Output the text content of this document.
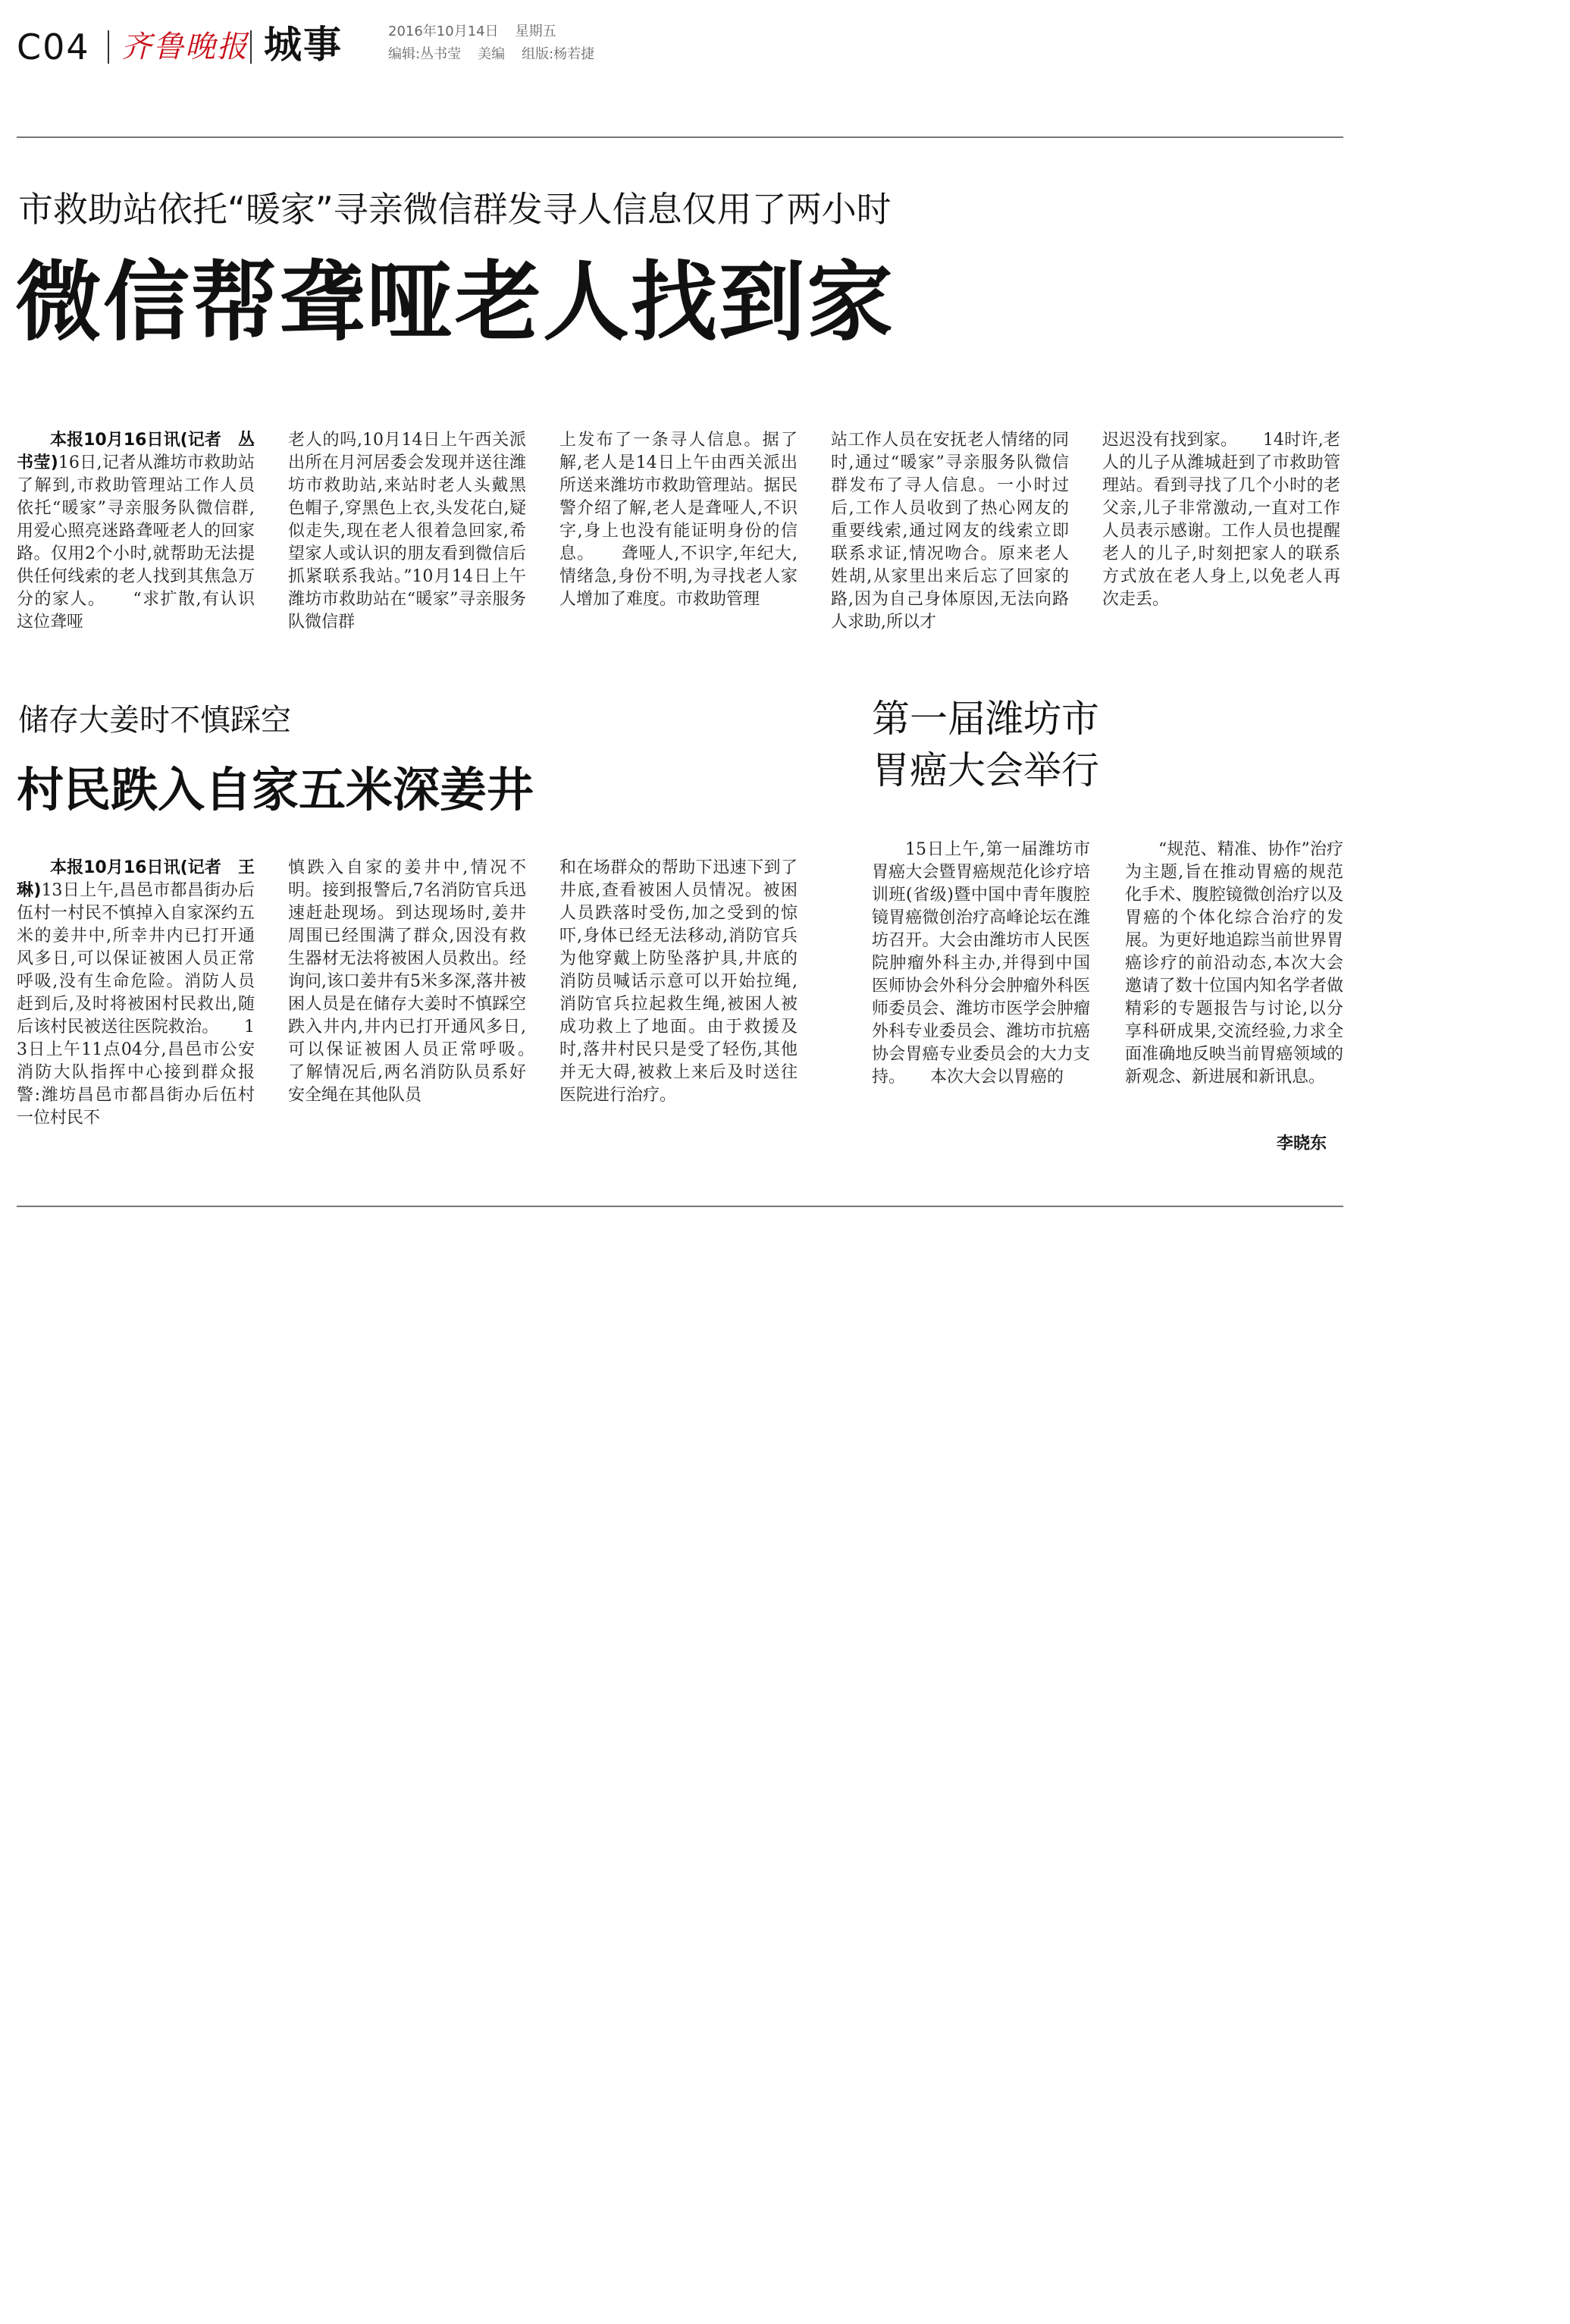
C04 齐鲁晚报 城事	2016年10月14日 星期五
编辑:丛书莹 美编 组版:杨若捷
市救助站依托“暖家”寻亲微信群发寻人信息仅用了两小时
微信帮聋哑老人找到家

本报10月16日讯(记者　丛书莹)16日,记者从潍坊市救助站了解到,市救助管理站工作人员依托“暖家”寻亲服务队微信群,用爱心照亮迷路聋哑老人的回家路。仅用2个小时,就帮助无法提供任何线索的老人找到其焦急万分的家人。　　“求扩散,有认识这位聋哑

老人的吗,10月14日上午西关派出所在月河居委会发现并送往潍坊市救助站,来站时老人头戴黑色帽子,穿黑色上衣,头发花白,疑似走失,现在老人很着急回家,希望家人或认识的朋友看到微信后抓紧联系我站。”10月14日上午潍坊市救助站在“暖家”寻亲服务队微信群

上发布了一条寻人信息。据了解,老人是14日上午由西关派出所送来潍坊市救助管理站。据民警介绍了解,老人是聋哑人,不识字,身上也没有能证明身份的信息。　　聋哑人,不识字,年纪大,情绪急,身份不明,为寻找老人家人增加了难度。市救助管理

站工作人员在安抚老人情绪的同时,通过“暖家”寻亲服务队微信群发布了寻人信息。一小时过后,工作人员收到了热心网友的重要线索,通过网友的线索立即联系求证,情况吻合。原来老人姓胡,从家里出来后忘了回家的路,因为自己身体原因,无法向路人求助,所以才

迟迟没有找到家。　　14时许,老人的儿子从潍城赶到了市救助管理站。看到寻找了几个小时的老父亲,儿子非常激动,一直对工作人员表示感谢。工作人员也提醒老人的儿子,时刻把家人的联系方式放在老人身上,以免老人再次走丢。

储存大姜时不慎踩空
村民跌入自家五米深姜井

本报10月16日讯(记者　王琳)13日上午,昌邑市都昌街办后伍村一村民不慎掉入自家深约五米的姜井中,所幸井内已打开通风多日,可以保证被困人员正常呼吸,没有生命危险。消防人员赶到后,及时将被困村民救出,随后该村民被送往医院救治。　　13日上午11点04分,昌邑市公安消防大队指挥中心接到群众报警:潍坊昌邑市都昌街办后伍村一位村民不

慎跌入自家的姜井中,情况不明。接到报警后,7名消防官兵迅速赶赴现场。到达现场时,姜井周围已经围满了群众,因没有救生器材无法将被困人员救出。经询问,该口姜井有5米多深,落井被困人员是在储存大姜时不慎踩空跌入井内,井内已打开通风多日,可以保证被困人员正常呼吸。　　了解情况后,两名消防队员系好安全绳在其他队员

和在场群众的帮助下迅速下到了井底,查看被困人员情况。被困人员跌落时受伤,加之受到的惊吓,身体已经无法移动,消防官兵为他穿戴上防坠落护具,井底的消防员喊话示意可以开始拉绳,消防官兵拉起救生绳,被困人被成功救上了地面。由于救援及时,落井村民只是受了轻伤,其他并无大碍,被救上来后及时送往医院进行治疗。

第一届潍坊市
胃癌大会举行

15日上午,第一届潍坊市胃癌大会暨胃癌规范化诊疗培训班(省级)暨中国中青年腹腔镜胃癌微创治疗高峰论坛在潍坊召开。大会由潍坊市人民医院肿瘤外科主办,并得到中国医师协会外科分会肿瘤外科医师委员会、潍坊市医学会肿瘤外科专业委员会、潍坊市抗癌协会胃癌专业委员会的大力支持。　　本次大会以胃癌的

“规范、精准、协作”治疗为主题,旨在推动胃癌的规范化手术、腹腔镜微创治疗以及胃癌的个体化综合治疗的发展。为更好地追踪当前世界胃癌诊疗的前沿动态,本次大会邀请了数十位国内知名学者做精彩的专题报告与讨论,以分享科研成果,交流经验,力求全面准确地反映当前胃癌领域的新观念、新进展和新讯息。

李晓东
